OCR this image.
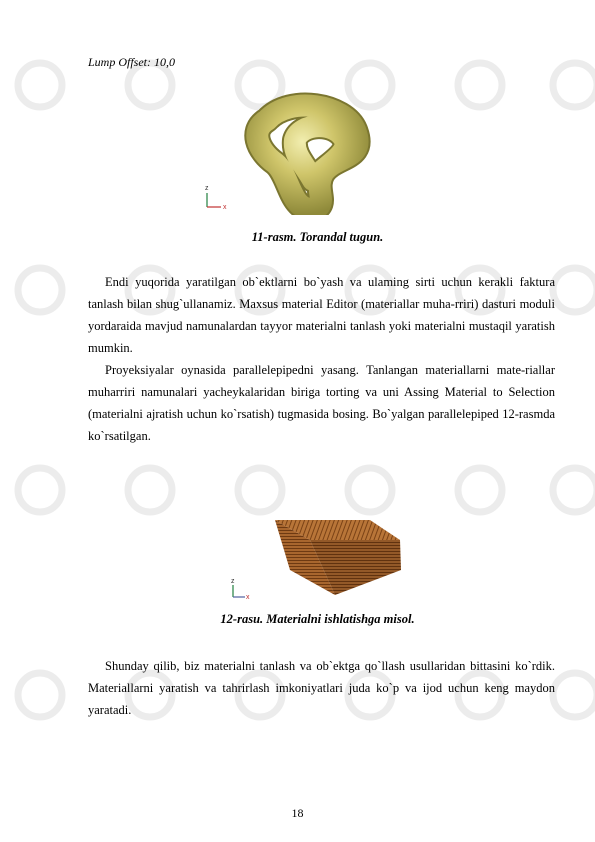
Lump Offset: 10,0
z
x
11-rasm. Torandal tugun.

Endi yuqorida yaratilgan ob`ektlarni bo`yash va ulaming sirti uchun kerakli faktura tanlash bilan shug`ullanamiz. Maxsus material Editor (materiallar muha-rriri) dasturi moduli yordaraida mavjud namunalardan tayyor materialni tanlash yoki materialni mustaqil yaratish mumkin.

Proyeksiyalar oynasida parallelepipedni yasang. Tanlangan materiallarni mate-riallar muharriri namunalari yacheykalaridan biriga torting va uni Assing Material to Selection (materialni ajratish uchun ko`rsatish) tugmasida bosing. Bo`yalgan parallelepiped 12-rasmda ko`rsatilgan.

z
x
12-rasu. Materialni ishlatishga misol.

Shunday qilib, biz materialni tanlash va ob`ektga qo`llash usullaridan bittasini ko`rdik. Materiallarni yaratish va tahrirlash imkoniyatlari juda ko`p va ijod uchun keng maydon yaratadi.

18
